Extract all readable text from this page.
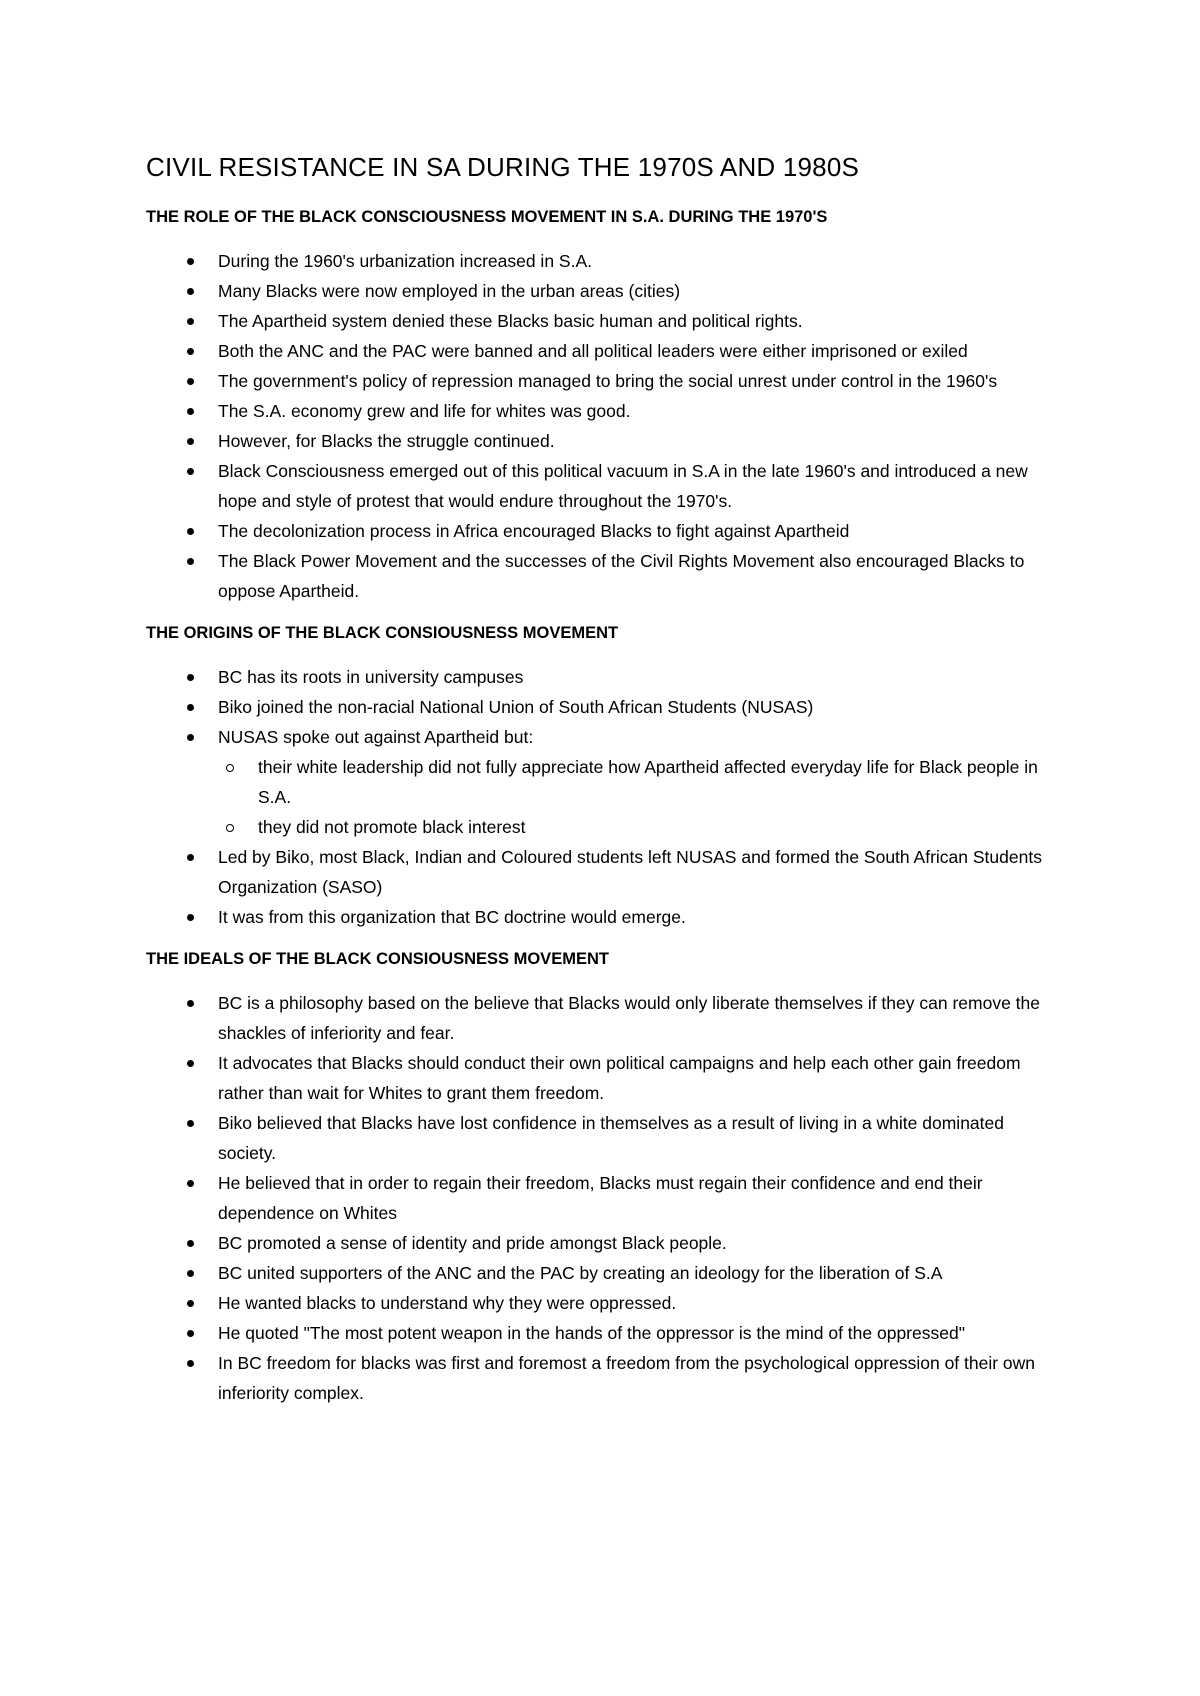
CIVIL RESISTANCE IN SA DURING THE 1970S AND 1980S
THE ROLE OF THE BLACK CONSCIOUSNESS MOVEMENT IN S.A. DURING THE 1970'S
During the 1960's urbanization increased in S.A.
Many Blacks were now employed in the urban areas (cities)
The Apartheid system denied these Blacks basic human and political rights.
Both the ANC and the PAC were banned and all political leaders were either imprisoned or exiled
The government's policy of repression managed to bring the social unrest under control in the 1960's
The S.A. economy grew and life for whites was good.
However, for Blacks the struggle continued.
Black Consciousness emerged out of this political vacuum in S.A in the late 1960's and introduced a new hope and style of protest that would endure throughout the 1970's.
The decolonization process in Africa encouraged Blacks to fight against Apartheid
The Black Power Movement and the successes of the Civil Rights Movement also encouraged Blacks to oppose Apartheid.
THE ORIGINS OF THE BLACK CONSIOUSNESS MOVEMENT
BC has its roots in university campuses
Biko joined the non-racial National Union of South African Students (NUSAS)
NUSAS spoke out against Apartheid but:
their white leadership did not fully appreciate how Apartheid affected everyday life for Black people in S.A.
they did not promote black interest
Led by Biko, most Black, Indian and Coloured students left NUSAS and formed the South African Students Organization (SASO)
It was from this organization that BC doctrine would emerge.
THE IDEALS OF THE BLACK CONSIOUSNESS MOVEMENT
BC is a philosophy based on the believe that Blacks would only liberate themselves if they can remove the shackles of inferiority and fear.
It advocates that Blacks should conduct their own political campaigns and help each other gain freedom rather than wait for Whites to grant them freedom.
Biko believed that Blacks have lost confidence in themselves as a result of living in a white dominated society.
He believed that in order to regain their freedom, Blacks must regain their confidence and end their dependence on Whites
BC promoted a sense of identity and pride amongst Black people.
BC united supporters of the ANC and the PAC by creating an ideology for the liberation of S.A
He wanted blacks to understand why they were oppressed.
He quoted "The most potent weapon in the hands of the oppressor is the mind of the oppressed"
In BC freedom for blacks was first and foremost a freedom from the psychological oppression of their own inferiority complex.
